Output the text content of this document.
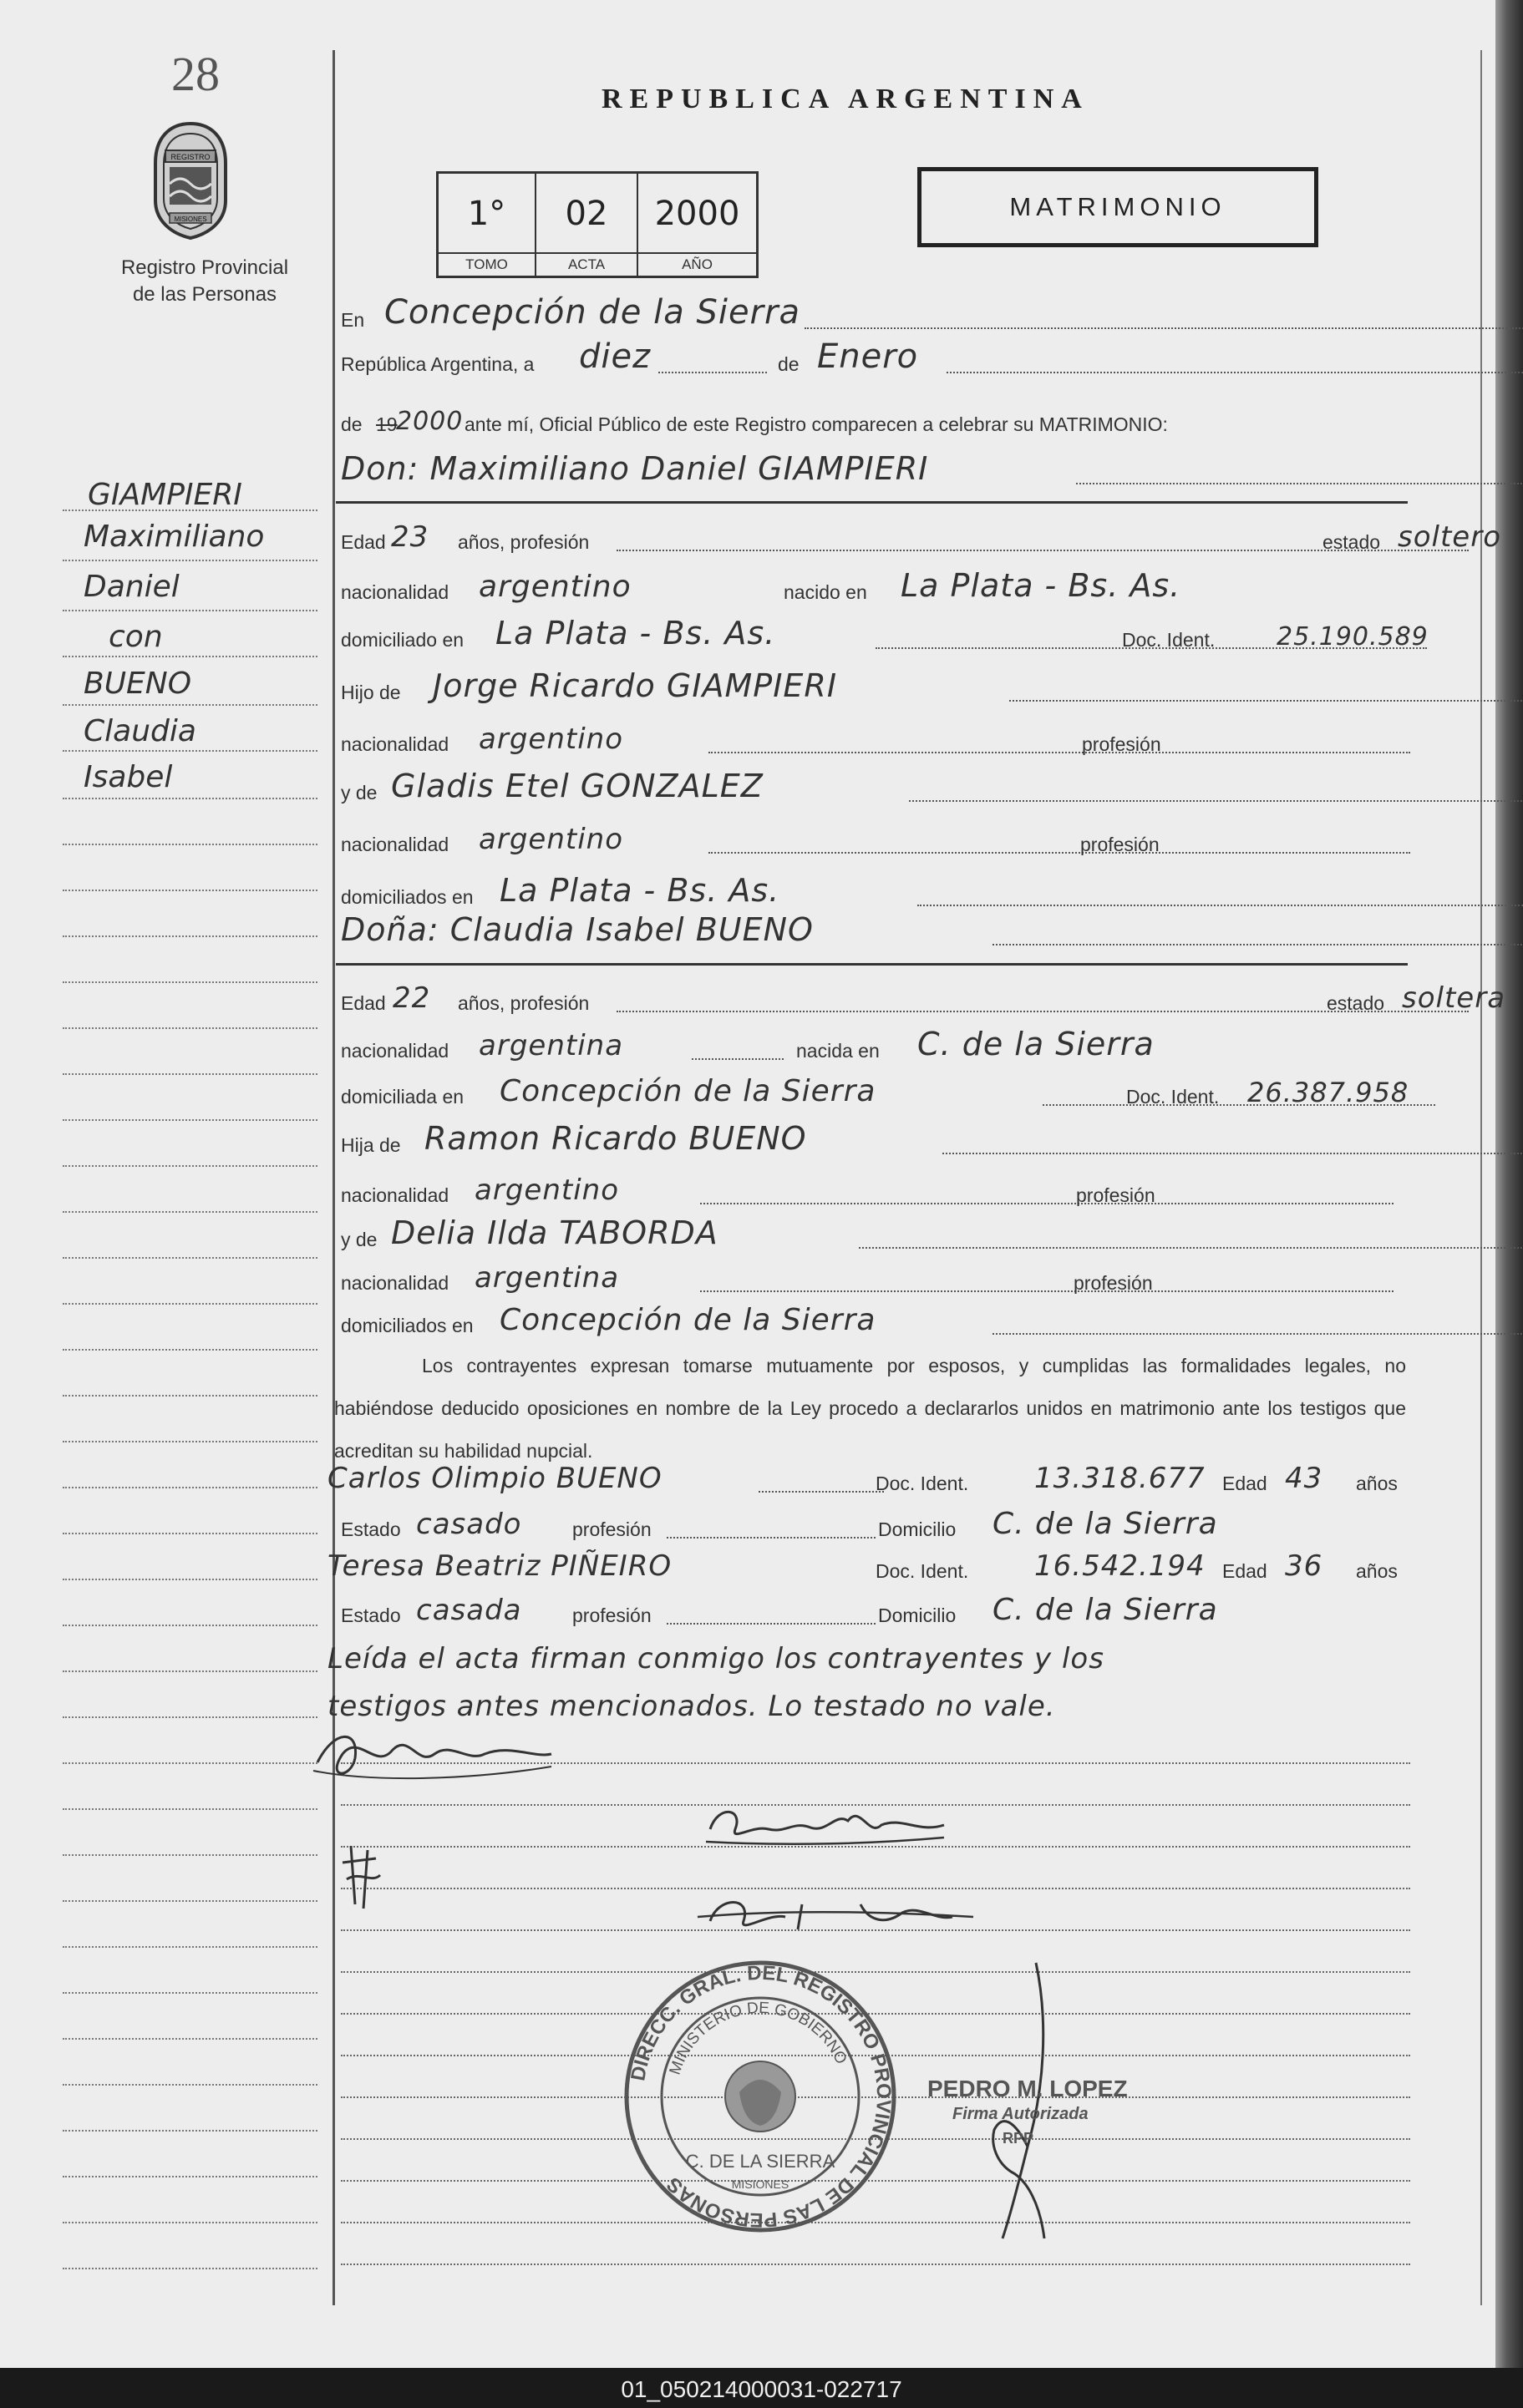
28
REGISTRO
MISIONES
Registro Provincial
de las Personas
REPUBLICA ARGENTINA
1°
TOMO
02
ACTA
2000
AÑO
MATRIMONIO
En Concepción de la Sierra
República Argentina, a diez	de Enero
de 19
2000 ante mí, Oficial Público de este Registro comparecen a celebrar su MATRIMONIO:
Don: Maximiliano Daniel GIAMPIERI
Edad 23 años, profesión	estado soltero
nacionalidad argentino	nacido en La Plata - Bs. As.
domiciliado en La Plata - Bs. As.	Doc. Ident. 25.190.589
Hijo de Jorge Ricardo GIAMPIERI
nacionalidad argentino	profesión
y de Gladis Etel GONZALEZ
nacionalidad argentino	profesión
domiciliados en La Plata - Bs. As.
Doña: Claudia Isabel BUENO
Edad 22 años, profesión	estado soltera
nacionalidad argentina	nacida en C. de la Sierra
domiciliada en Concepción de la Sierra	Doc. Ident. 26.387.958
Hija de Ramon Ricardo BUENO
nacionalidad argentino	profesión
y de Delia Ilda TABORDA
nacionalidad argentina	profesión
domiciliados en Concepción de la Sierra
Los contrayentes expresan tomarse mutuamente por esposos, y cumplidas las formalidades legales, no habiéndose deducido oposiciones en nombre de la Ley procedo a declararlos unidos en matrimonio ante los testigos que acreditan su habilidad nupcial.
Carlos Olimpio BUENO	Doc. Ident. 13.318.677 Edad 43 años
Estado casado	profesión	Domicilio C. de la Sierra
Teresa Beatriz PIÑEIRO	Doc. Ident. 16.542.194 Edad 36 años
Estado casada	profesión	Domicilio C. de la Sierra
Leída el acta firman conmigo los contrayentes y los
testigos antes mencionados. Lo testado no vale.
DIRECC. GRAL. DEL REGISTRO PROVINCIAL DE LAS PERSONAS
MINISTERIO DE GOBIERNO
C. DE LA SIERRA
MISIONES
PEDRO M. LOPEZ
Firma Autorizada
RPP
GIAMPIERI
Maximiliano
Daniel
con
BUENO
Claudia
Isabel
01_050214000031-022717
